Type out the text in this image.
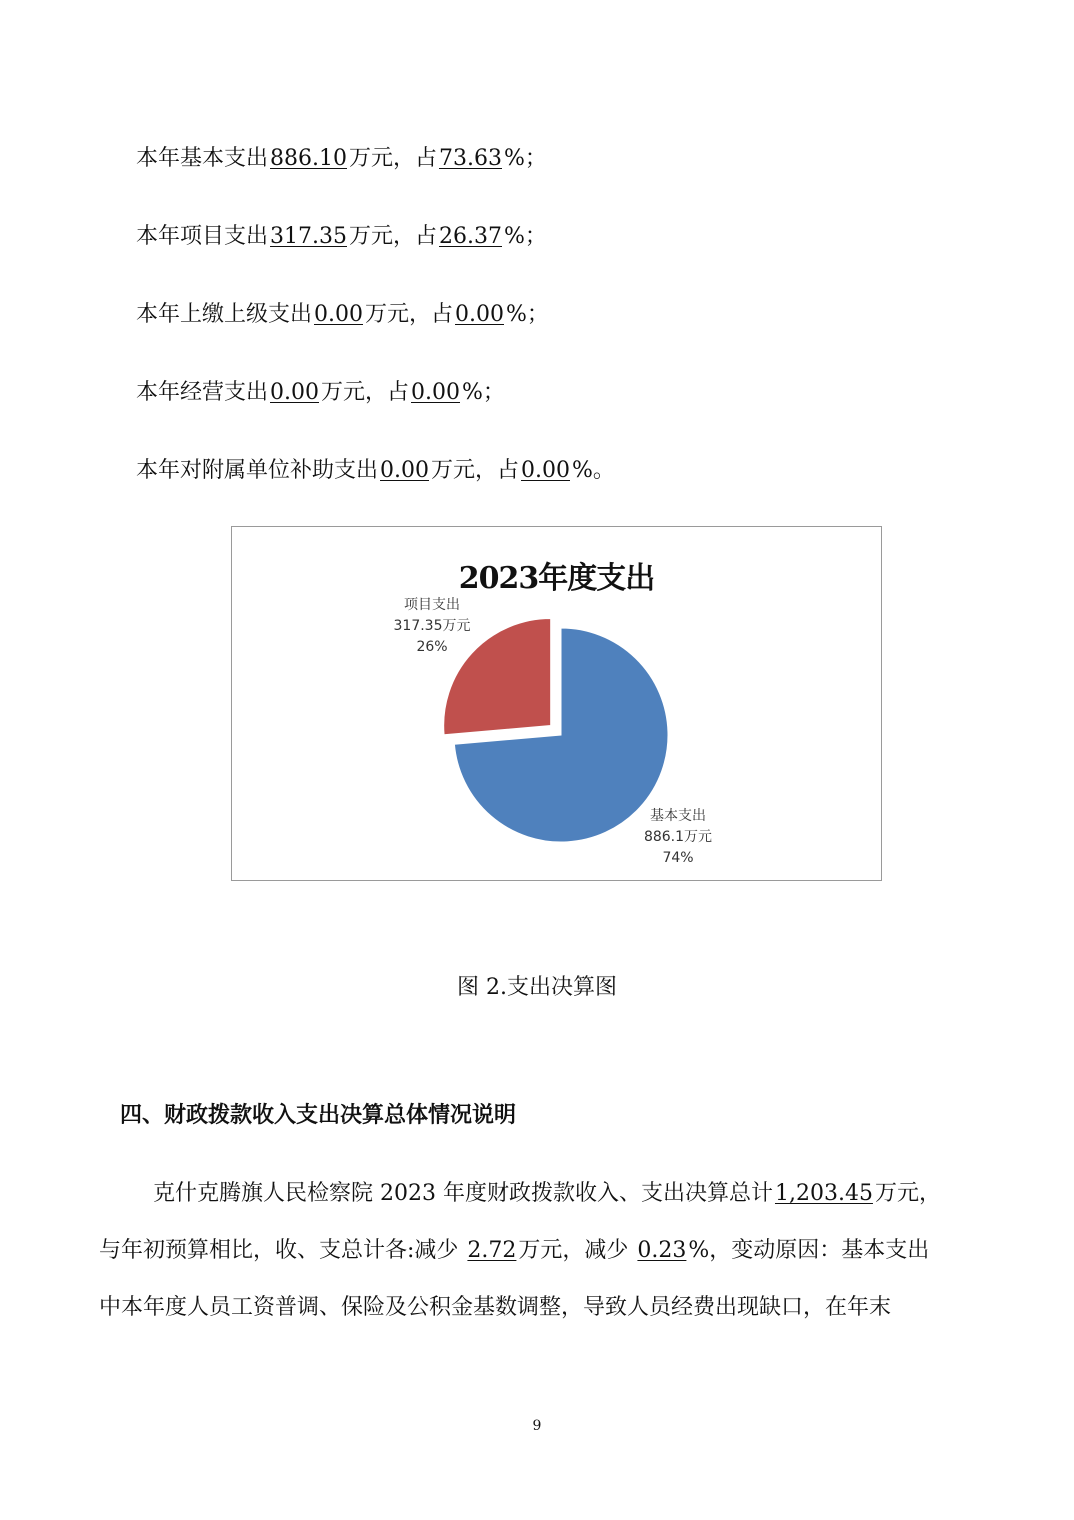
本年基本支出886.10万元，占73.63%；
本年项目支出317.35万元，占26.37%；
本年上缴上级支出0.00万元，占0.00%；
本年经营支出0.00万元，占0.00%；
本年对附属单位补助支出0.00万元，占0.00%。
2023年度支出
项目支出
317.35万元
26%
基本支出
886.1万元
74%
图 2.支出决算图
四、财政拨款收入支出决算总体情况说明
克什克腾旗人民检察院 2023 年度财政拨款收入、支出决算总计1,203.45万元，
与年初预算相比，收、支总计各:减少 2.72万元，减少 0.23%，变动原因：基本支出
中本年度人员工资普调、保险及公积金基数调整，导致人员经费出现缺口，在年末
9
